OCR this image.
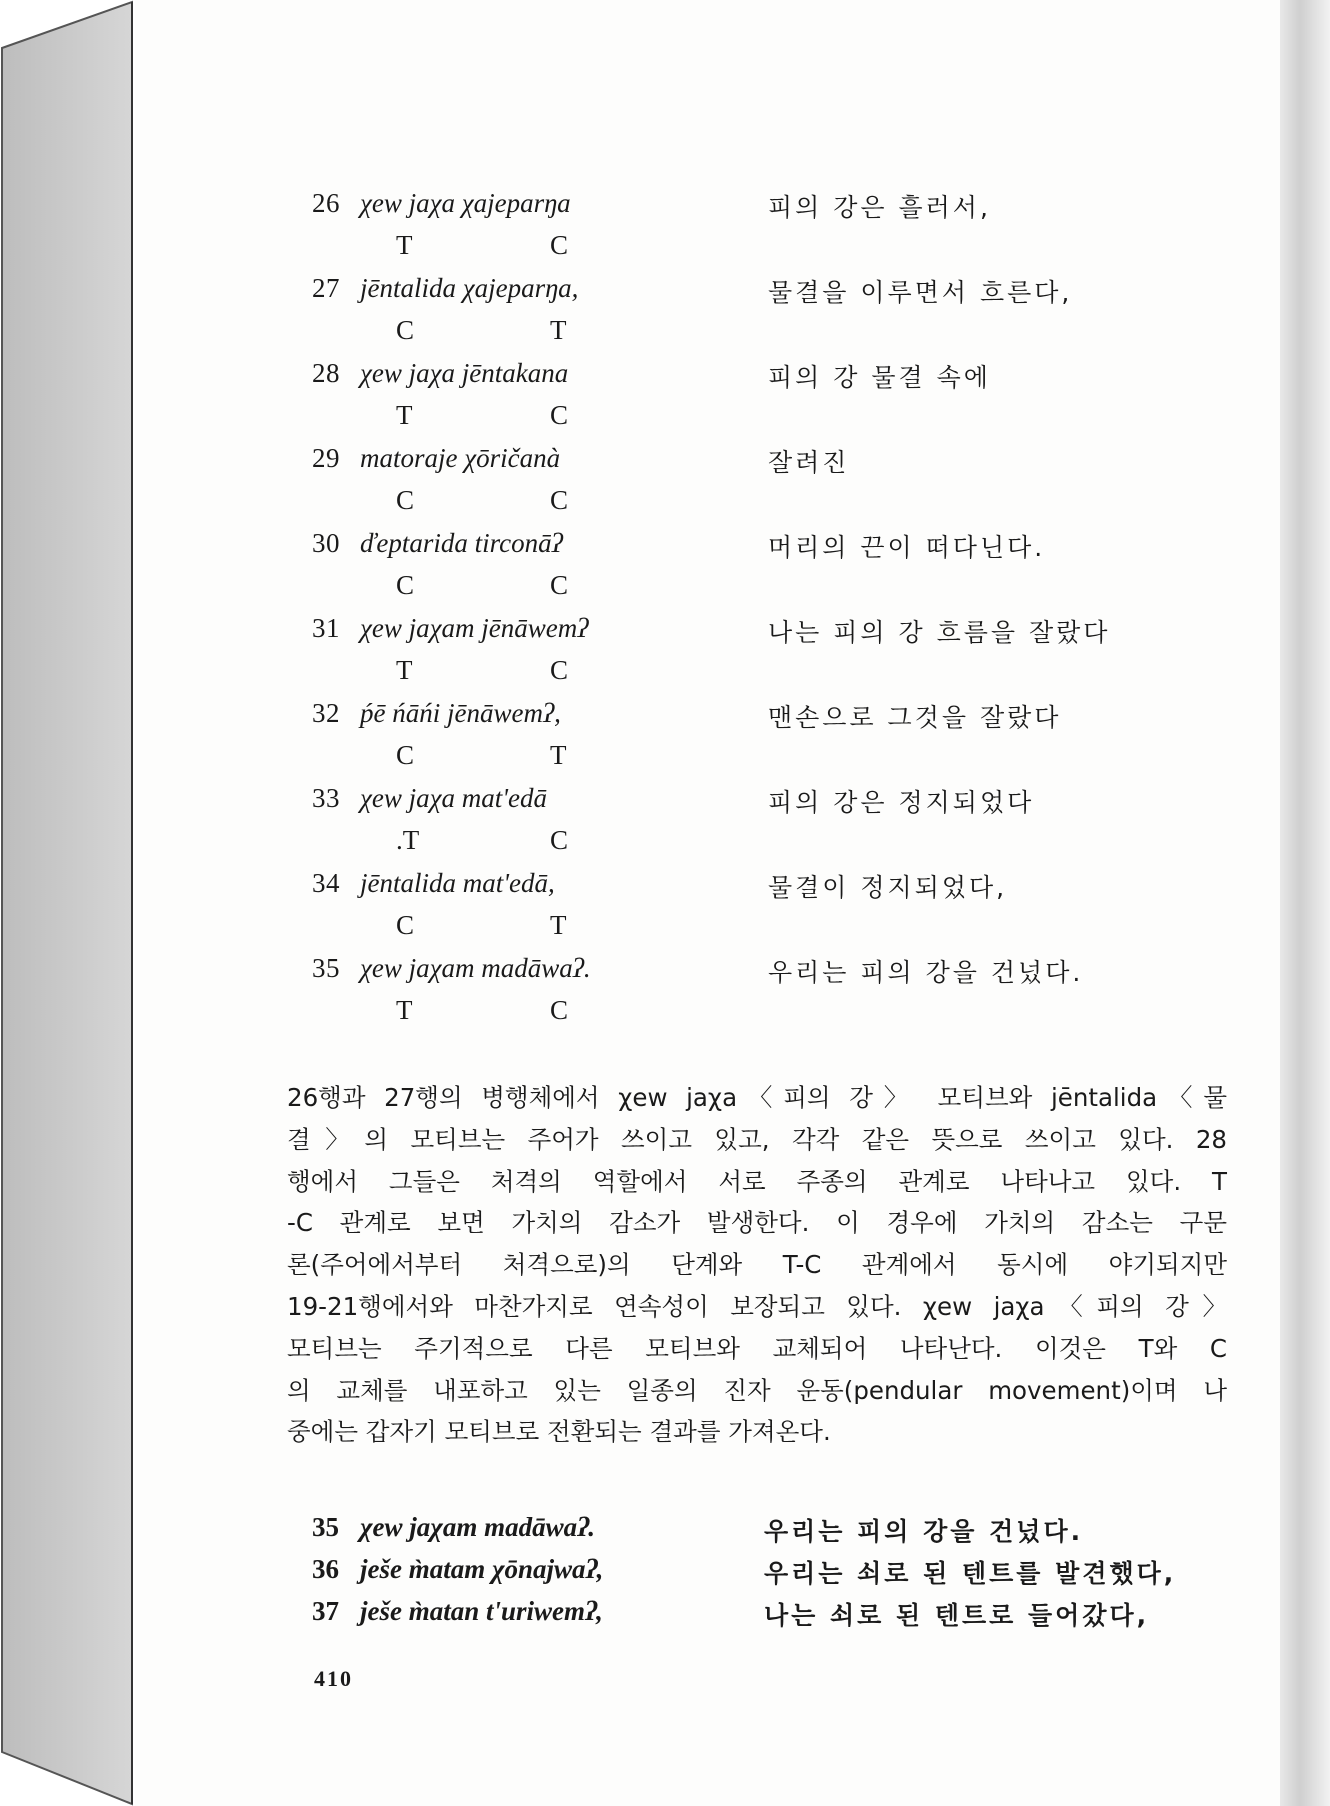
26 χew jaχa χajeparŋa	피의 강은 흘러서,
T	C
27 jēntalida χajeparŋa,	물결을 이루면서 흐른다,
C	T
28 χew jaχa jēntakana	피의 강 물결 속에
T	C
29 matoraje χōričanà	잘려진
C	C
30 ďeptarida tirconāʔ	머리의 끈이 떠다닌다.
C	C
31 χew jaχam jēnāwemʔ	나는 피의 강 흐름을 잘랐다
T	C
32 ṕē ńāńi jēnāwemʔ,	맨손으로 그것을 잘랐다
C	T
33 χew jaχa mat'edā	피의 강은 정지되었다
.T	C
34 jēntalida mat'edā,	물결이 정지되었다,
C	T
35 χew jaχam madāwaʔ.	우리는 피의 강을 건넜다.
T	C
26행과 27행의 병행체에서 χew jaχa〈피의 강〉 모티브와 jēntalida〈물
결〉의 모티브는 주어가 쓰이고 있고, 각각 같은 뜻으로 쓰이고 있다. 28
행에서 그들은 처격의 역할에서 서로 주종의 관계로 나타나고 있다. T
-C 관계로 보면 가치의 감소가 발생한다. 이 경우에 가치의 감소는 구문
론(주어에서부터 처격으로)의 단계와 T-C 관계에서 동시에 야기되지만
19-21행에서와 마찬가지로 연속성이 보장되고 있다. χew jaχa〈피의 강〉
모티브는 주기적으로 다른 모티브와 교체되어 나타난다. 이것은 T와 C
의 교체를 내포하고 있는 일종의 진자 운동(pendular movement)이며 나
중에는 갑자기 모티브로 전환되는 결과를 가져온다.
35 χew jaχam madāwaʔ.	우리는 피의 강을 건넜다.
36 ješe m̀atam χōnajwaʔ,	우리는 쇠로 된 텐트를 발견했다,
37 ješe m̀atan t'uriwemʔ,	나는 쇠로 된 텐트로 들어갔다,
410
